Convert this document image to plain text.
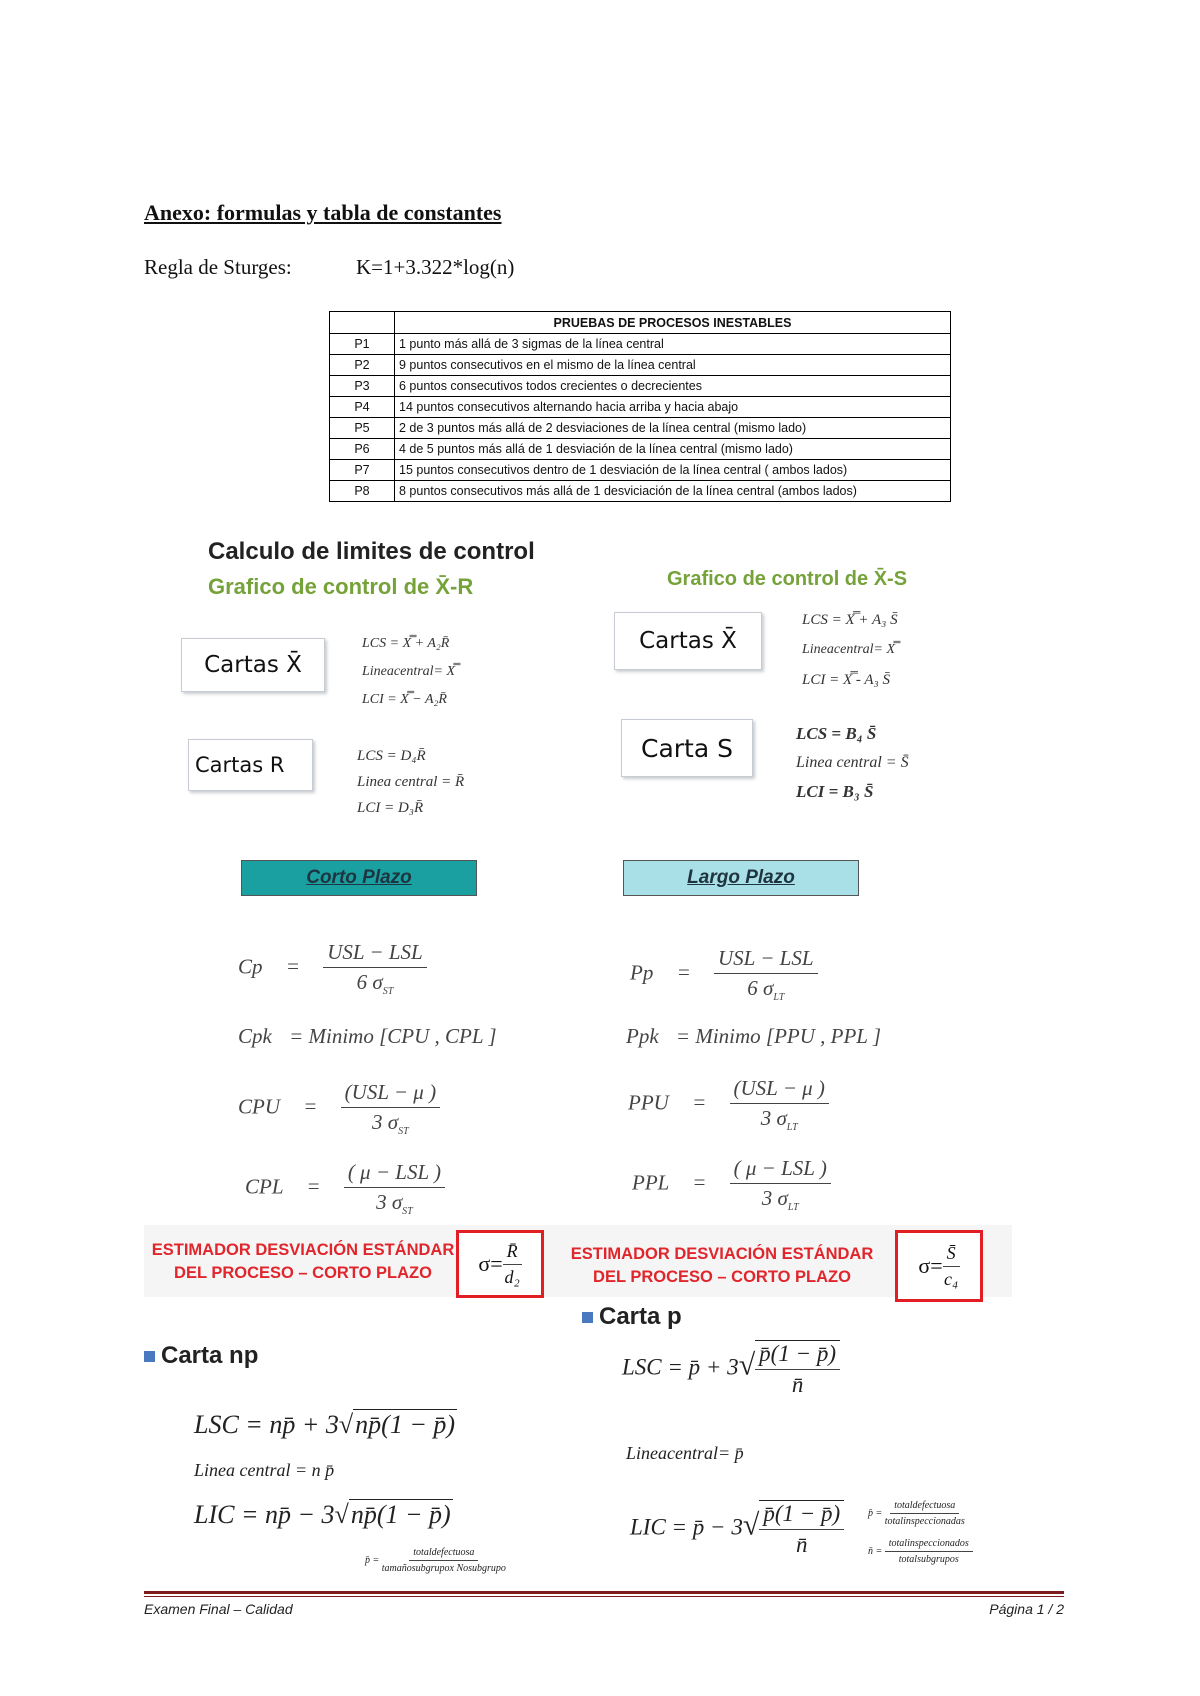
Anexo: formulas y tabla de constantes
Regla de Sturges:	K=1+3.322*log(n)
	PRUEBAS DE PROCESOS INESTABLES
P1	1 punto más allá de 3 sigmas de la línea central
P2	9 puntos consecutivos en el mismo de la línea central
P3	6 puntos consecutivos todos crecientes o decrecientes
P4	14 puntos consecutivos alternando hacia arriba y hacia abajo
P5	2 de 3 puntos más allá de 2 desviaciones de la línea central (mismo lado)
P6	4 de 5 puntos más allá de 1 desviación de la línea central (mismo lado)
P7	15 puntos consecutivos dentro de 1 desviación de la línea central ( ambos lados)
P8	8 puntos consecutivos más allá de 1 desviciación de la línea central (ambos lados)
Calculo de limites de control
Grafico de control de X̄-R	Grafico de control de X̄-S
Cartas X̄
LCS = X̿ + A₂R̄
Lineacentral= X̿
LCI = X̿ − A₂R̄
Cartas R	LCS = D₄R̄
Linea central = R̄
LCI = D₃R̄
Cartas X̄
LCS = X̿ + A₃ S̄
Lineacentral= X̿
LCI = X̿ - A₃ S̄
Carta S	LCS = B₄ S̄
Linea central = S̄
LCI = B₃ S̄
Corto Plazo	Largo Plazo
$Cp = \frac{\text{USL − LSL}}{6 \sigma_{ST}}$
Cpk = Minimo [CPU , CPL ]
CPU = $\frac{\text{(USL − μ )}}{3 \sigma_{ST}}$
CPL = $\frac{\text{( μ − LSL )}}{3 \sigma_{ST}}$
$Pp = \frac{\text{USL − LSL}}{6 \sigma_{LT}}$
Ppk = Minimo [PPU , PPL ]
PPU = $\frac{\text{(USL − μ )}}{3 \sigma_{LT}}$
PPL = $\frac{\text{( μ − LSL )}}{3 \sigma_{LT}}$
ESTIMADOR DESVIACIÓN ESTÁNDAR
DEL PROCESO – CORTO PLAZO	$\sigma= \frac{R̄}{\text{d₂}}$	ESTIMADOR DESVIACIÓN ESTÁNDAR
DEL PROCESO – CORTO PLAZO	$\sigma= \frac{S̄}{\text{c₄}}$
Carta np
LSC = np̄ + 3√np̄(1 − p̄)
Linea central = n p̄
LIC = np̄ − 3√np̄(1 − p̄)
p̄ = $\frac{\text{totaldefectuosa}}{\text{tamañosubgrupox Nosubgrupo}}$
Carta p
LSC = p̄ + $3√ \frac{p̄(1 - p̄)}{n̄}$
Lineacentral= p̄
LIC = p̄ − $3√ \frac{p̄(1 - p̄)}{n̄}$ p̄ = $\frac{\text{totaldefectuosa}}{\text{totalinspeccionadas}}$
n̄ = $\frac{\text{totalinspeccionados}}{\text{totalsubgrupos}}$
Examen Final – Calidad	Página 1 / 2
